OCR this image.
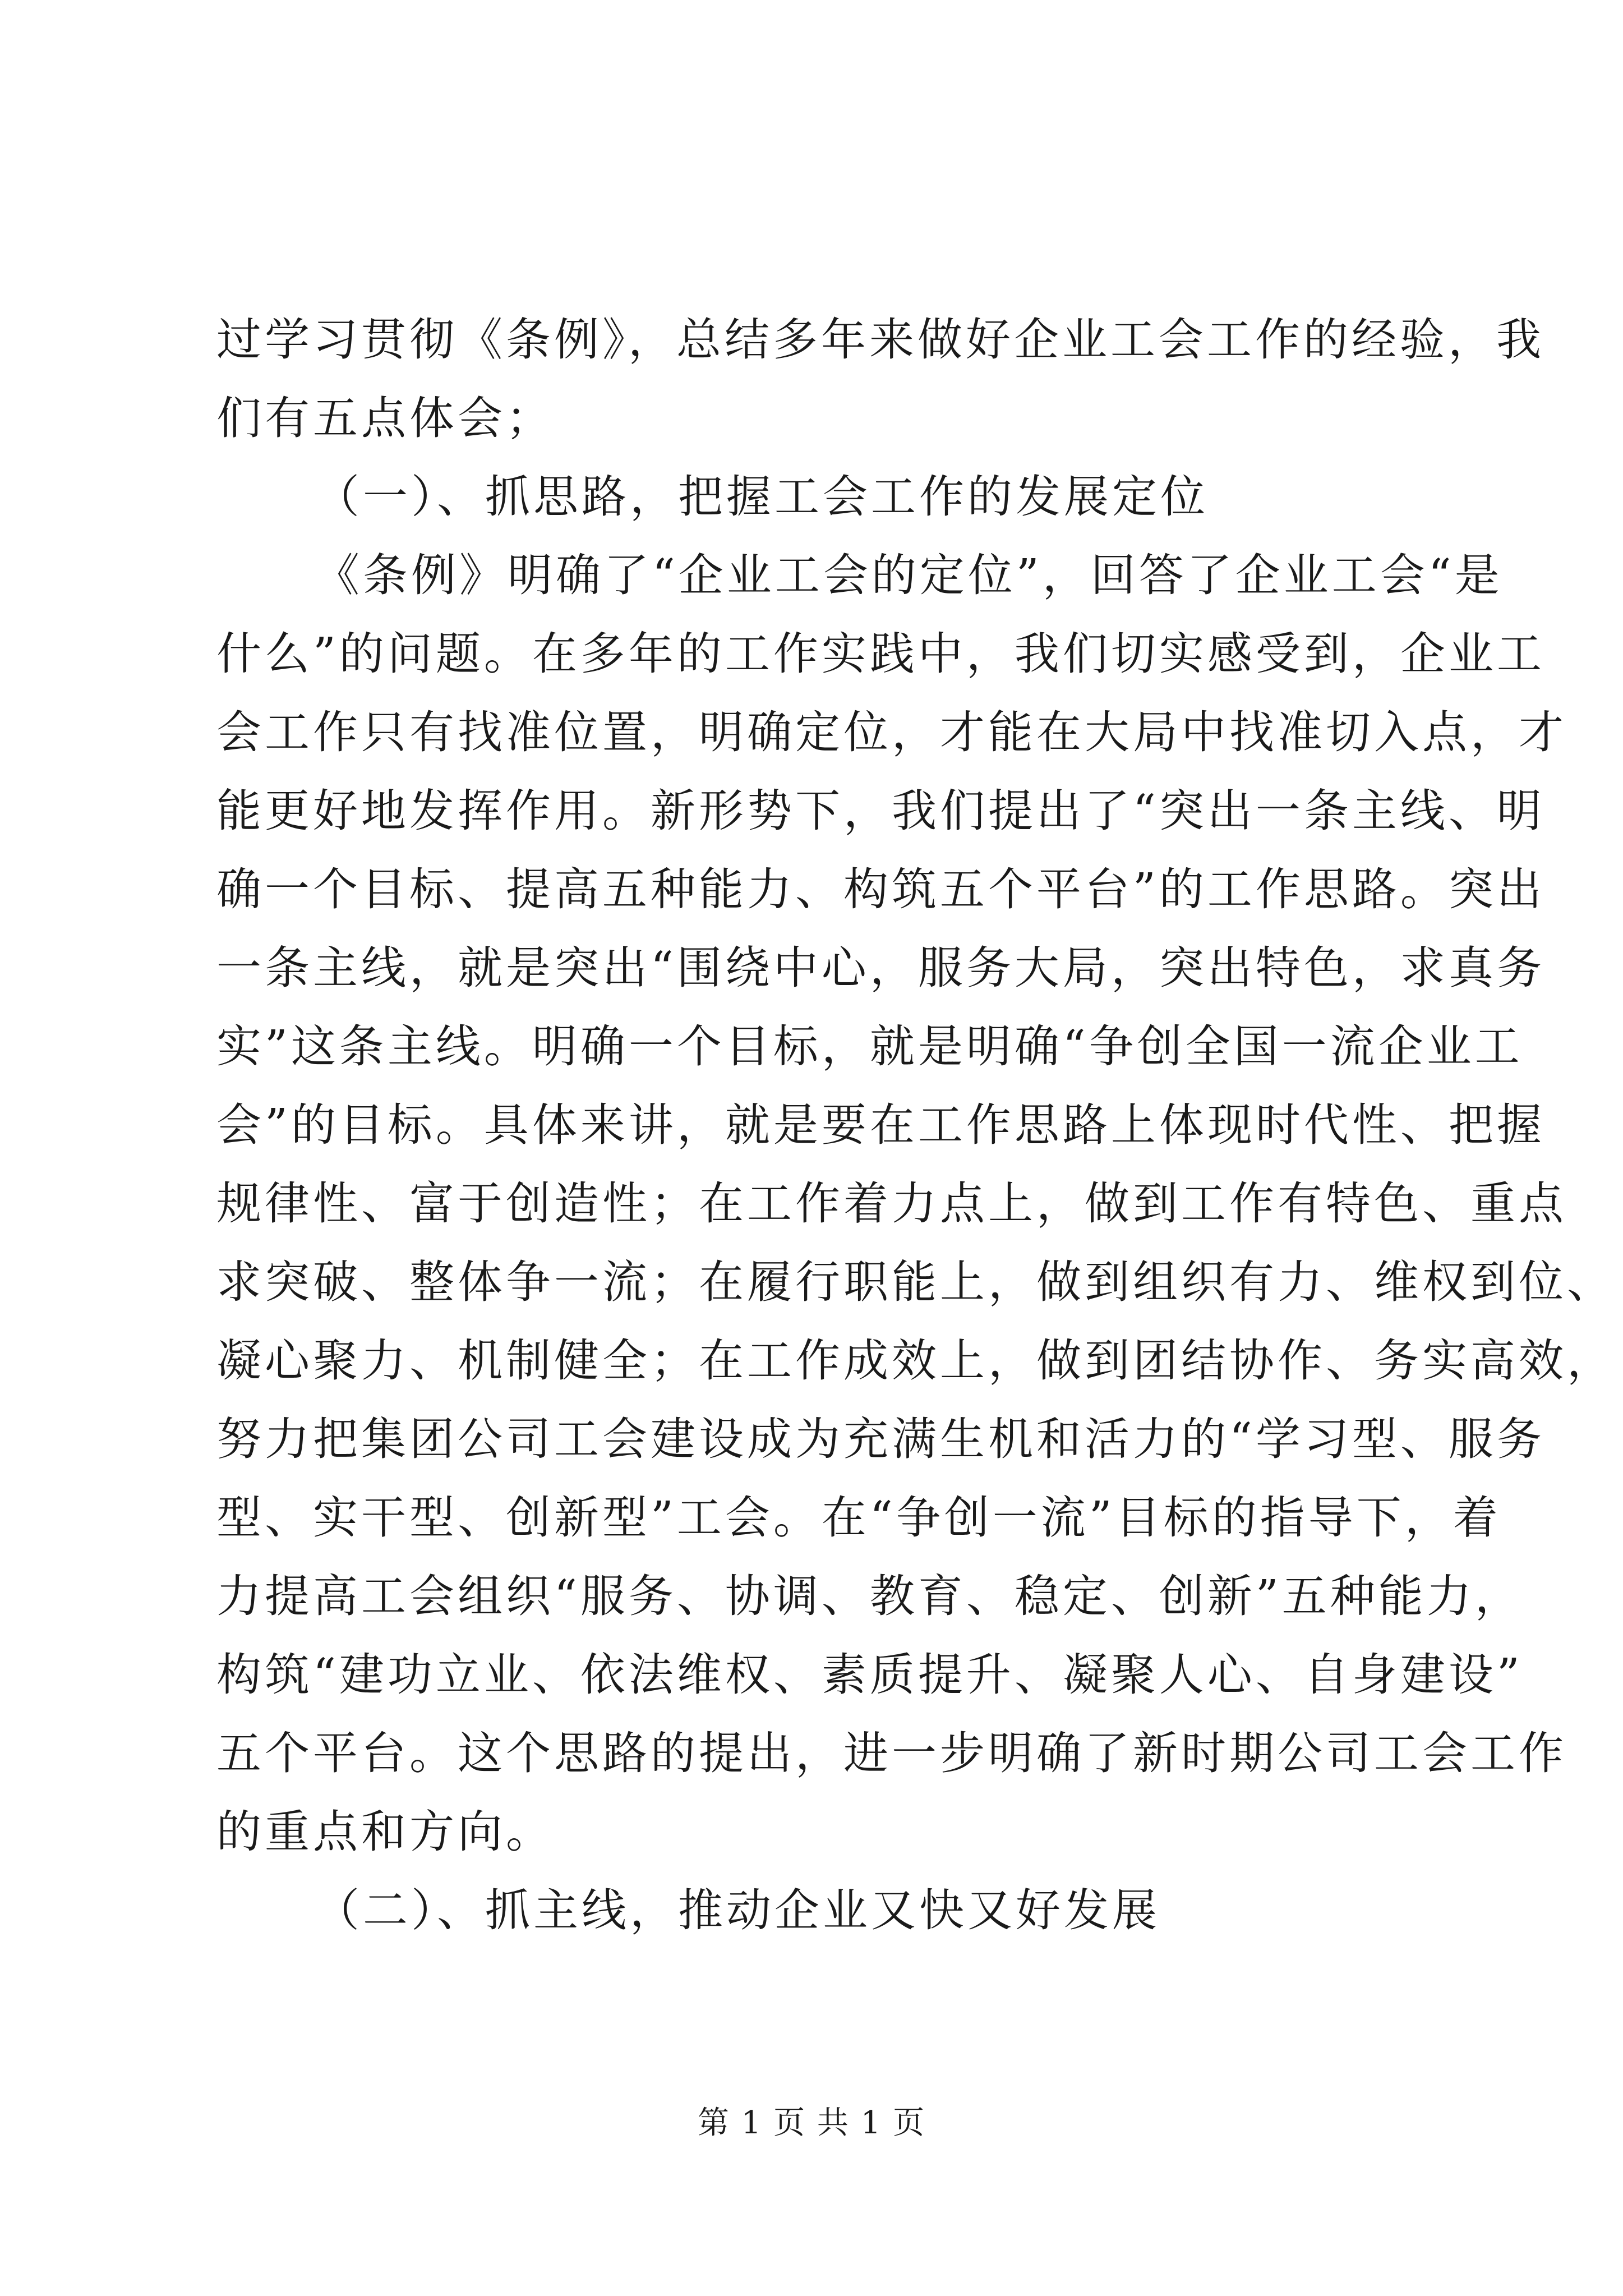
过学习贯彻《条例》，总结多年来做好企业工会工作的经验，我
们有五点体会；
（一）、抓思路，把握工会工作的发展定位
《条例》明确了“企业工会的定位”，回答了企业工会“是
什么”的问题。在多年的工作实践中，我们切实感受到，企业工
会工作只有找准位置，明确定位，才能在大局中找准切入点，才
能更好地发挥作用。新形势下，我们提出了“突出一条主线、明
确一个目标、提高五种能力、构筑五个平台”的工作思路。突出
一条主线，就是突出“围绕中心，服务大局，突出特色，求真务
实”这条主线。明确一个目标，就是明确“争创全国一流企业工
会”的目标。具体来讲，就是要在工作思路上体现时代性、把握
规律性、富于创造性；在工作着力点上，做到工作有特色、重点
求突破、整体争一流；在履行职能上，做到组织有力、维权到位、
凝心聚力、机制健全；在工作成效上，做到团结协作、务实高效，
努力把集团公司工会建设成为充满生机和活力的“学习型、服务
型、实干型、创新型”工会。在“争创一流”目标的指导下，着
力提高工会组织“服务、协调、教育、稳定、创新”五种能力，
构筑“建功立业、依法维权、素质提升、凝聚人心、自身建设”
五个平台。这个思路的提出，进一步明确了新时期公司工会工作
的重点和方向。
（二）、抓主线，推动企业又快又好发展
第 1 页 共 1 页
